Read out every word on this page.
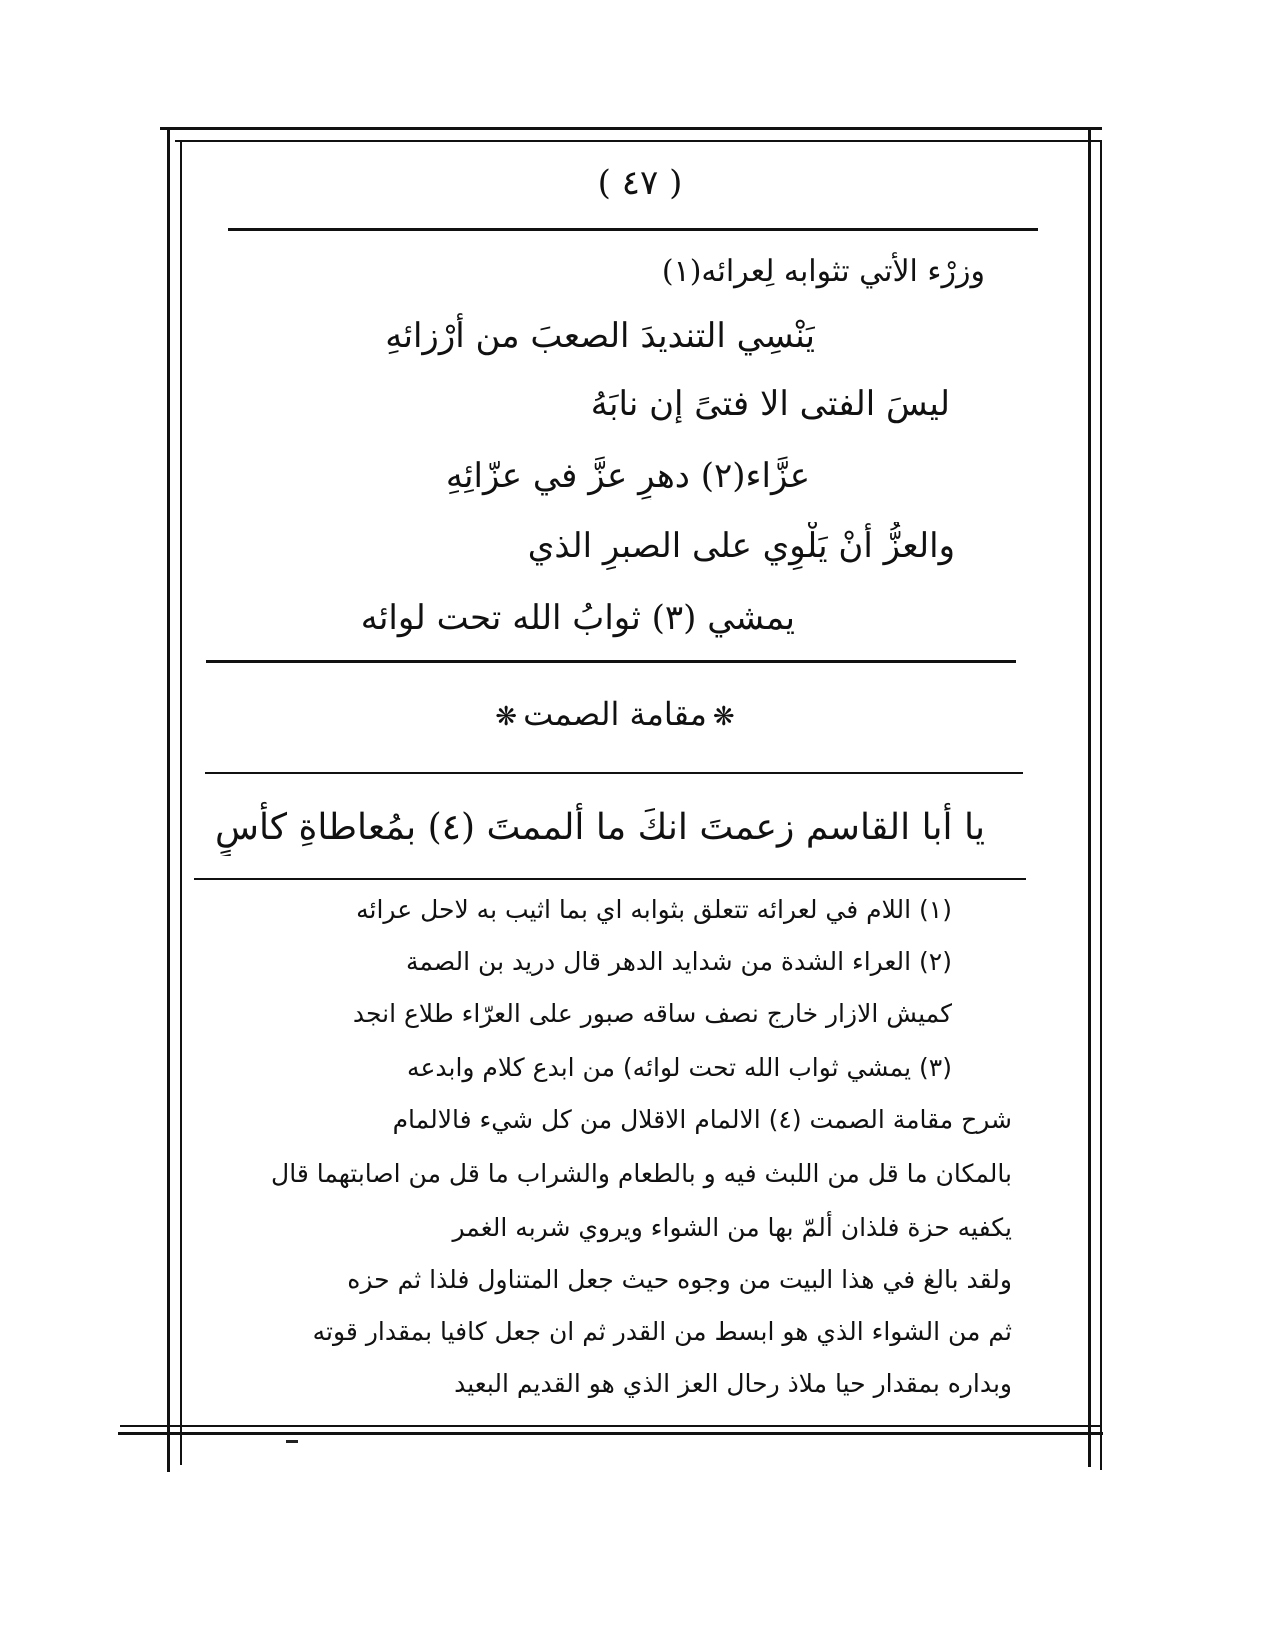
( ٤٧ )
وزرْء الأتي تثوابه لِعرائه(١)
يَنْسِي التنديدَ الصعبَ من أرْزائهِ
ليسَ الفتى الا فتىً إن نابَهُ
عزَّاء(٢) دهرٍ عزَّ في عزّائِهِ
والعزُّ أنْ يَلْوِي على الصبرِ الذي
يمشي (٣) ثوابُ الله تحت لوائه
❋مقامة الصمت❋
يا أبا القاسم زعمتَ انكَ ما ألممتَ (٤) بمُعاطاةِ كأسٍ
(١) اللام في لعرائه تتعلق بثوابه اي بما اثيب به لاحل عرائه
(٢) العراء الشدة من شدايد الدهر قال دريد بن الصمة
كميش الازار خارج نصف ساقه صبور على العرّاء طلاع انجد
(٣) يمشي ثواب الله تحت لوائه) من ابدع كلام وابدعه
شرح مقامة الصمت (٤) الالمام الاقلال من كل شيء فالالمام
بالمكان ما قل من اللبث فيه و بالطعام والشراب ما قل من اصابتهما قال
يكفيه حزة فلذان ألمّ بها من الشواء ويروي شربه الغمر
ولقد بالغ في هذا البيت من وجوه حيث جعل المتناول فلذا ثم حزه
ثم من الشواء الذي هو ابسط من القدر ثم ان جعل كافيا بمقدار قوته
وبداره بمقدار حيا ملاذ رحال العز الذي هو القديم البعيد
